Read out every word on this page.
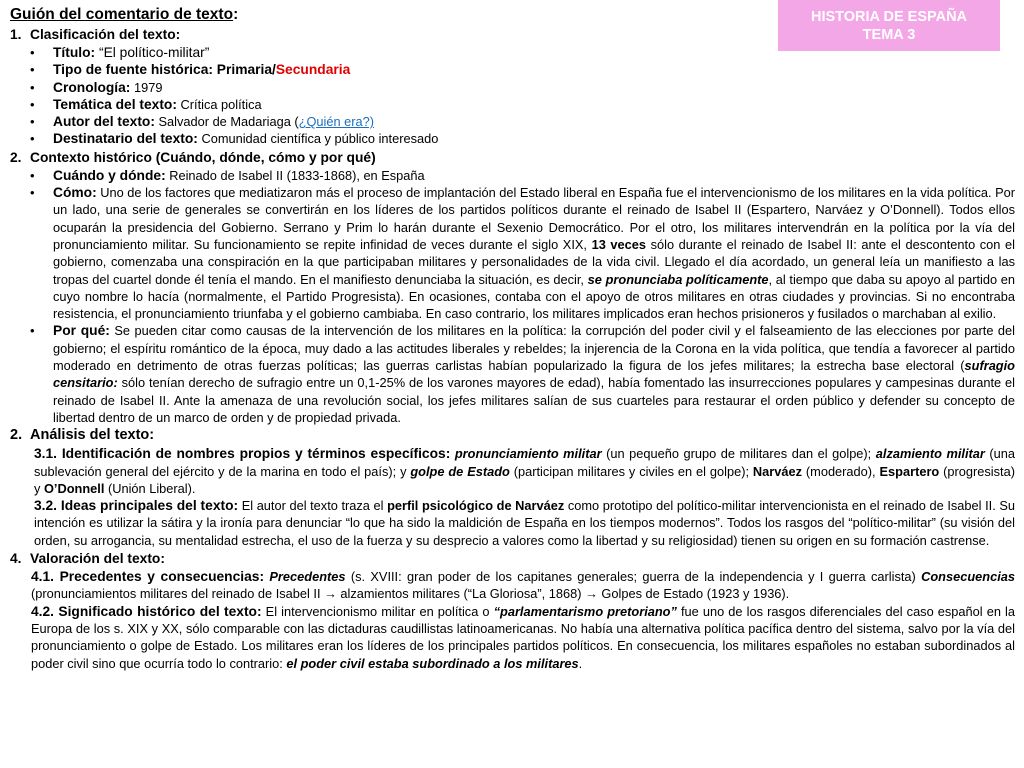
HISTORIA DE ESPAÑA
TEMA 3
Guión del comentario de texto:
1. Clasificación del texto:
•	Título: “El político-militar”
•	Tipo de fuente histórica: Primaria/Secundaria
•	Cronología: 1979
•	Temática del texto: Crítica política
•	Autor del texto: Salvador de Madariaga (¿Quién era?)
•	Destinatario del texto: Comunidad científica y público interesado
2. Contexto histórico (Cuándo, dónde, cómo y por qué)
•	Cuándo y dónde: Reinado de Isabel II (1833-1868), en España
•	Cómo: Uno de los factores que mediatizaron más el proceso de implantación del Estado liberal en España fue el intervencionismo de los militares en la vida política. Por un lado, una serie de generales se convertirán en los líderes de los partidos políticos durante el reinado de Isabel II (Espartero, Narváez y O’Donnell). Todos ellos ocuparán la presidencia del Gobierno. Serrano y Prim lo harán durante el Sexenio Democrático. Por el otro, los militares intervendrán en la política por la vía del pronunciamiento militar. Su funcionamiento se repite infinidad de veces durante el siglo XIX, 13 veces sólo durante el reinado de Isabel II: ante el descontento con el gobierno, comenzaba una conspiración en la que participaban militares y personalidades de la vida civil. Llegado el día acordado, un general leía un manifiesto a las tropas del cuartel donde él tenía el mando. En el manifiesto denunciaba la situación, es decir, se pronunciaba políticamente, al tiempo que daba su apoyo al partido en cuyo nombre lo hacía (normalmente, el Partido Progresista). En ocasiones, contaba con el apoyo de otros militares en otras ciudades y provincias. Si no encontraba resistencia, el pronunciamiento triunfaba y el gobierno cambiaba. En caso contrario, los militares implicados eran hechos prisioneros y fusilados o marchaban al exilio.
•	Por qué: Se pueden citar como causas de la intervención de los militares en la política: la corrupción del poder civil y el falseamiento de las elecciones por parte del gobierno; el espíritu romántico de la época, muy dado a las actitudes liberales y rebeldes; la injerencia de la Corona en la vida política, que tendía a favorecer al partido moderado en detrimento de otras fuerzas políticas; las guerras carlistas habían popularizado la figura de los jefes militares; la estrecha base electoral (sufragio censitario: sólo tenían derecho de sufragio entre un 0,1-25% de los varones mayores de edad), había fomentado las insurrecciones populares y campesinas durante el reinado de Isabel II. Ante la amenaza de una revolución social, los jefes militares salían de sus cuarteles para restaurar el orden público y defender su concepto de libertad dentro de un marco de orden y de propiedad privada.
2. Análisis del texto:
3.1. Identificación de nombres propios y términos específicos: pronunciamiento militar (un pequeño grupo de militares dan el golpe); alzamiento militar (una sublevación general del ejército y de la marina en todo el país); y golpe de Estado (participan militares y civiles en el golpe); Narváez (moderado), Espartero (progresista) y O’Donnell (Unión Liberal).
3.2. Ideas principales del texto: El autor del texto traza el perfil psicológico de Narváez como prototipo del político-militar intervencionista en el reinado de Isabel II. Su intención es utilizar la sátira y la ironía para denunciar “lo que ha sido la maldición de España en los tiempos modernos”. Todos los rasgos del “político-militar” (su visión del orden, su arrogancia, su mentalidad estrecha, el uso de la fuerza y su desprecio a valores como la libertad y su religiosidad) tienen su origen en su formación castrense.
4. Valoración del texto:
4.1. Precedentes y consecuencias: Precedentes (s. XVIII: gran poder de los capitanes generales; guerra de la independencia y I guerra carlista) Consecuencias (pronunciamientos militares del reinado de Isabel II → alzamientos militares (“La Gloriosa”, 1868) → Golpes de Estado (1923 y 1936).
4.2. Significado histórico del texto: El intervencionismo militar en política o “parlamentarismo pretoriano” fue uno de los rasgos diferenciales del caso español en la Europa de los s. XIX y XX, sólo comparable con las dictaduras caudillistas latinoamericanas. No había una alternativa política pacífica dentro del sistema, salvo por la vía del pronunciamiento o golpe de Estado. Los militares eran los líderes de los principales partidos políticos. En consecuencia, los militares españoles no estaban subordinados al poder civil sino que ocurría todo lo contrario: el poder civil estaba subordinado a los militares.
